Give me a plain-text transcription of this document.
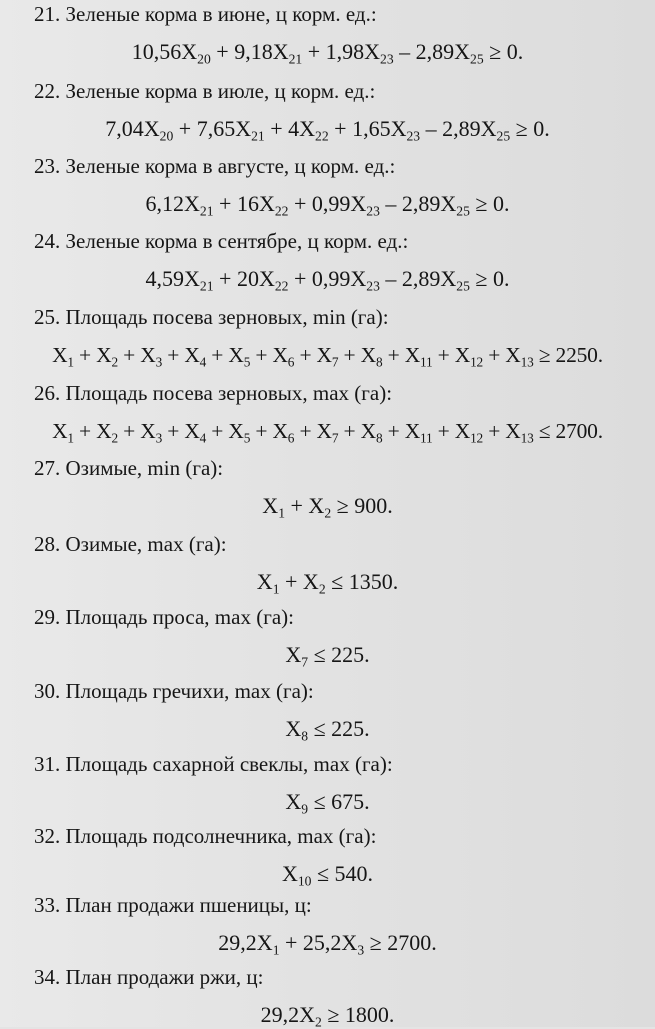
21. Зеленые корма в июне, ц корм. ед.:
$10,56X_{20} + 9,18X_{21} + 1,98X_{23} - 2,89X_{25} \ge 0$.
22. Зеленые корма в июле, ц корм. ед.:
$7,04X_{20} + 7,65X_{21} + 4X_{22} + 1,65X_{23} - 2,89X_{25} \ge 0$.
23. Зеленые корма в августе, ц корм. ед.:
$6,12X_{21} + 16X_{22} + 0,99X_{23} - 2,89X_{25} \ge 0$.
24. Зеленые корма в сентябре, ц корм. ед.:
$4,59X_{21} + 20X_{22} + 0,99X_{23} - 2,89X_{25} \ge 0$.
25. Площадь посева зерновых, min (га):
$X_1 + X_2 + X_3 + X_4 + X_5 + X_6 + X_7 + X_8 + X_{11} + X_{12} + X_{13} \ge 2250$.
26. Площадь посева зерновых, max (га):
$X_1 + X_2 + X_3 + X_4 + X_5 + X_6 + X_7 + X_8 + X_{11} + X_{12} + X_{13} \le 2700$.
27. Озимые, min (га):
$X_1 + X_2 \ge 900$.
28. Озимые, max (га):
$X_1 + X_2 \le 1350$.
29. Площадь проса, max (га):
$X_7 \le 225$.
30. Площадь гречихи, max (га):
$X_8 \le 225$.
31. Площадь сахарной свеклы, max (га):
$X_9 \le 675$.
32. Площадь подсолнечника, max (га):
$X_{10} \le 540$.
33. План продажи пшеницы, ц:
$29,2X_1 + 25,2X_3 \ge 2700$.
34. План продажи ржи, ц:
$29,2X_2 \ge 1800$.
